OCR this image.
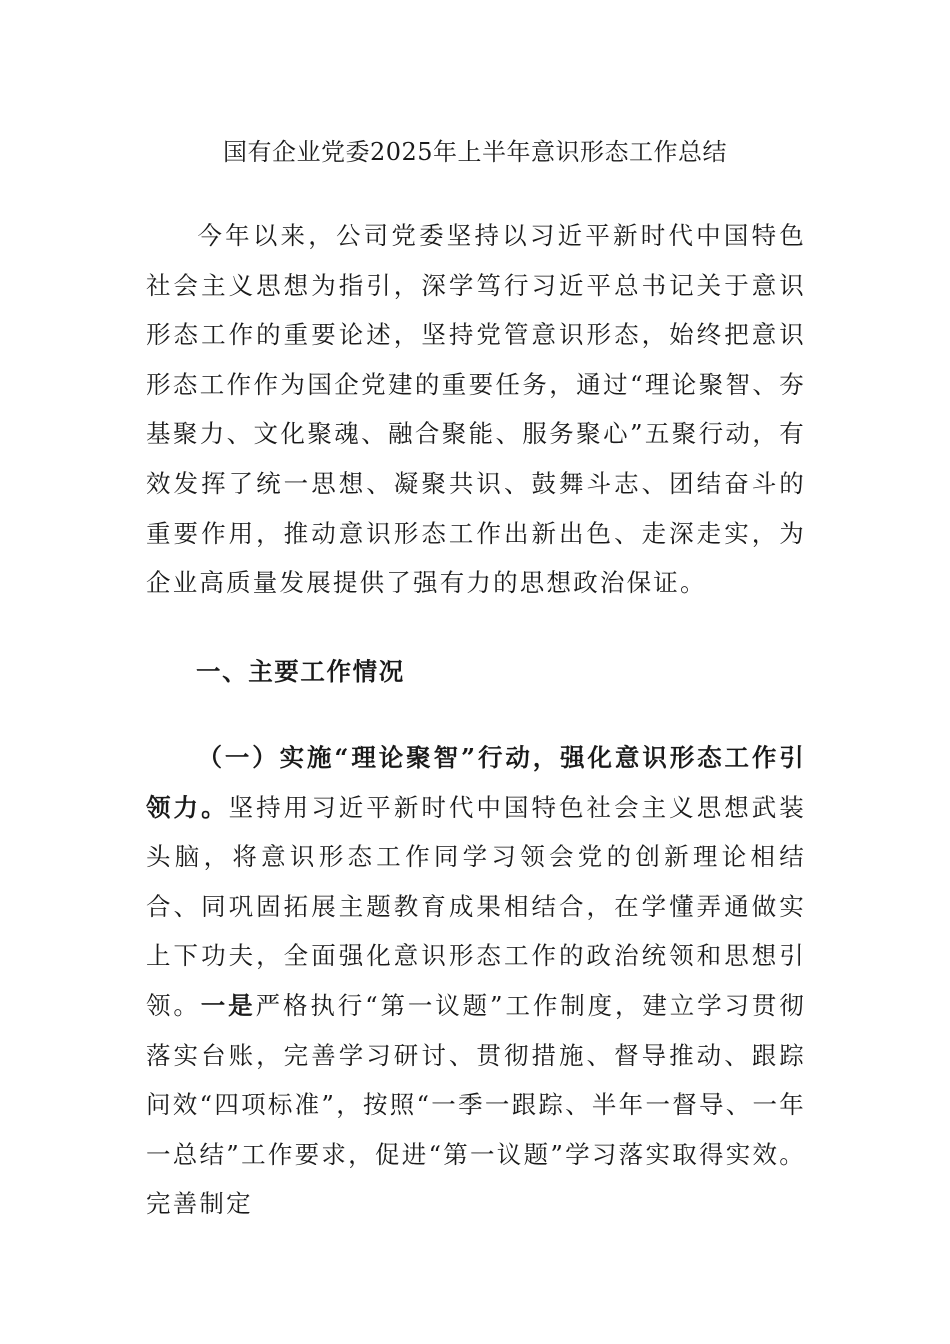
国有企业党委2025年上半年意识形态工作总结

今年以来，公司党委坚持以习近平新时代中国特色社会主义思想为指引，深学笃行习近平总书记关于意识形态工作的重要论述，坚持党管意识形态，始终把意识形态工作作为国企党建的重要任务，通过“理论聚智、夯基聚力、文化聚魂、融合聚能、服务聚心”五聚行动，有效发挥了统一思想、凝聚共识、鼓舞斗志、团结奋斗的重要作用，推动意识形态工作出新出色、走深走实，为企业高质量发展提供了强有力的思想政治保证。

一、主要工作情况

（一）实施“理论聚智”行动，强化意识形态工作引领力。坚持用习近平新时代中国特色社会主义思想武装头脑，将意识形态工作同学习领会党的创新理论相结合、同巩固拓展主题教育成果相结合，在学懂弄通做实上下功夫，全面强化意识形态工作的政治统领和思想引领。一是严格执行“第一议题”工作制度，建立学习贯彻落实台账，完善学习研讨、贯彻措施、督导推动、跟踪问效“四项标准”，按照“一季一跟踪、半年一督导、一年一总结”工作要求，促进“第一议题”学习落实取得实效。完善制定
